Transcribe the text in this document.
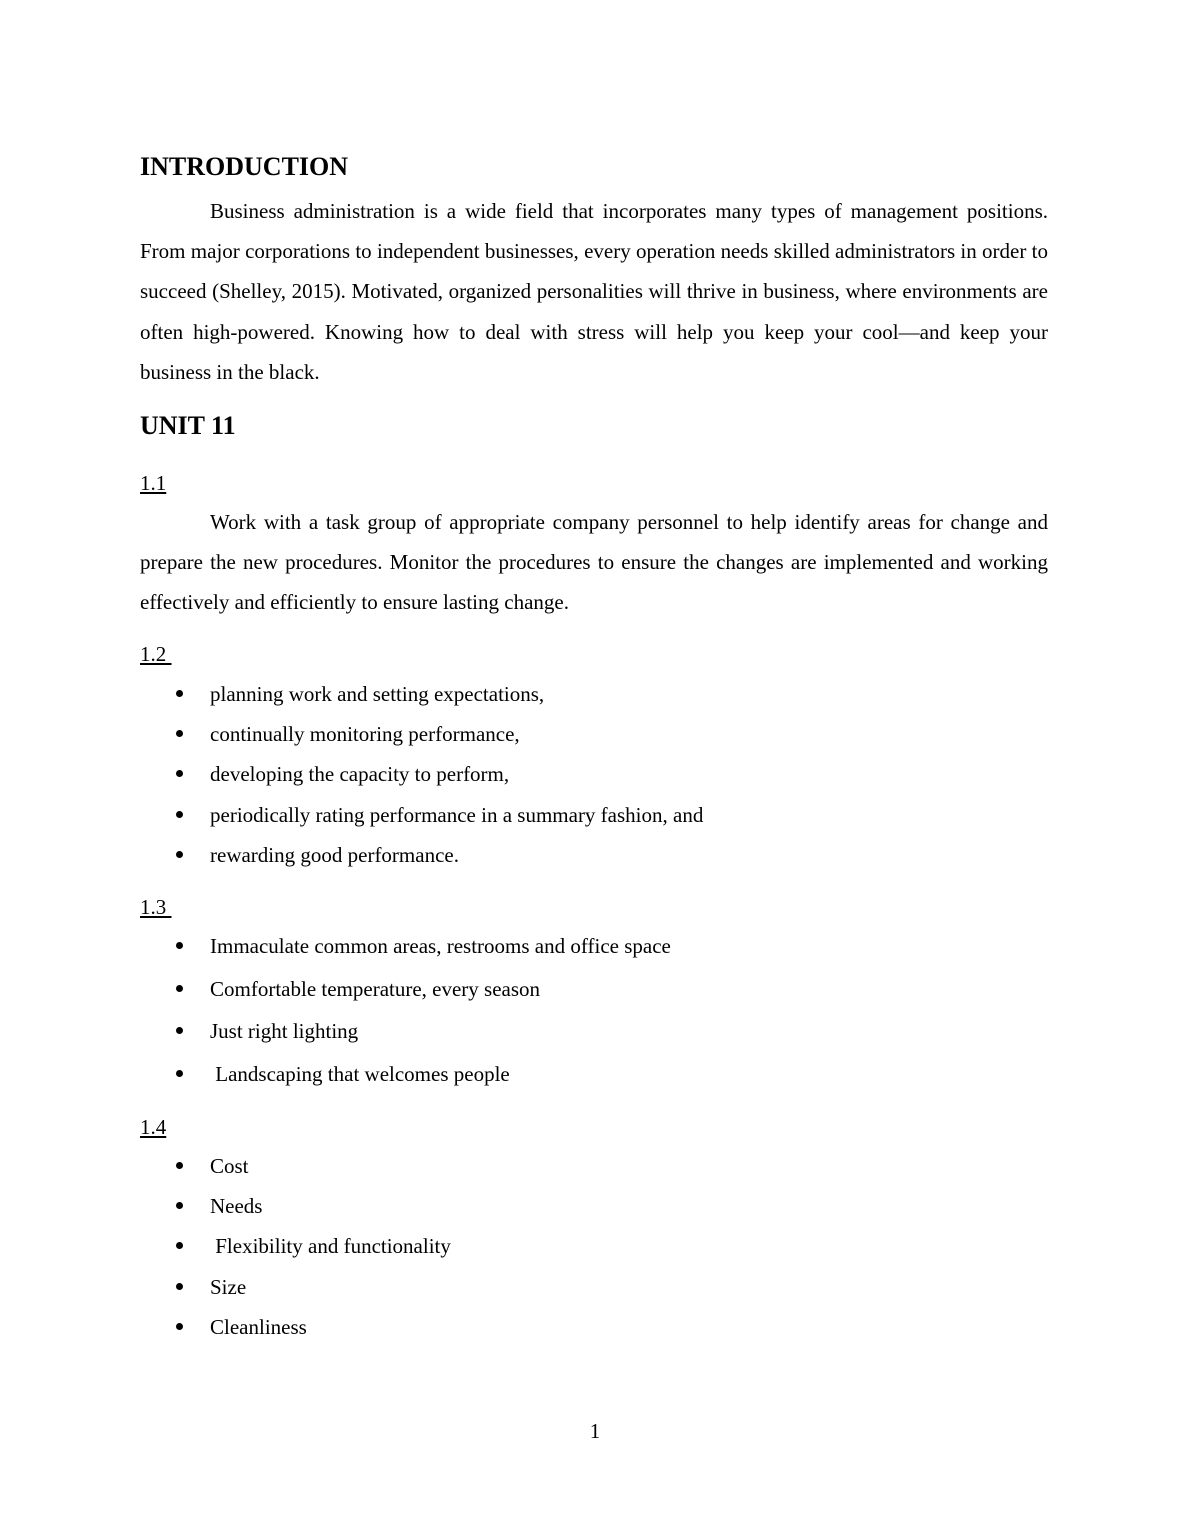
INTRODUCTION

Business administration is a wide field that incorporates many types of management positions. From major corporations to independent businesses, every operation needs skilled administrators in order to succeed (Shelley, 2015). Motivated, organized personalities will thrive in business, where environments are often high-powered. Knowing how to deal with stress will help you keep your cool—and keep your business in the black.

UNIT 11
1.1

Work with a task group of appropriate company personnel to help identify areas for change and prepare the new procedures. Monitor the procedures to ensure the changes are implemented and working effectively and efficiently to ensure lasting change.

1.2
planning work and setting expectations,
continually monitoring performance,
developing the capacity to perform,
periodically rating performance in a summary fashion, and
rewarding good performance.
1.3
Immaculate common areas, restrooms and office space
Comfortable temperature, every season
Just right lighting
Landscaping that welcomes people
1.4
Cost
Needs
Flexibility and functionality
Size
Cleanliness
1
